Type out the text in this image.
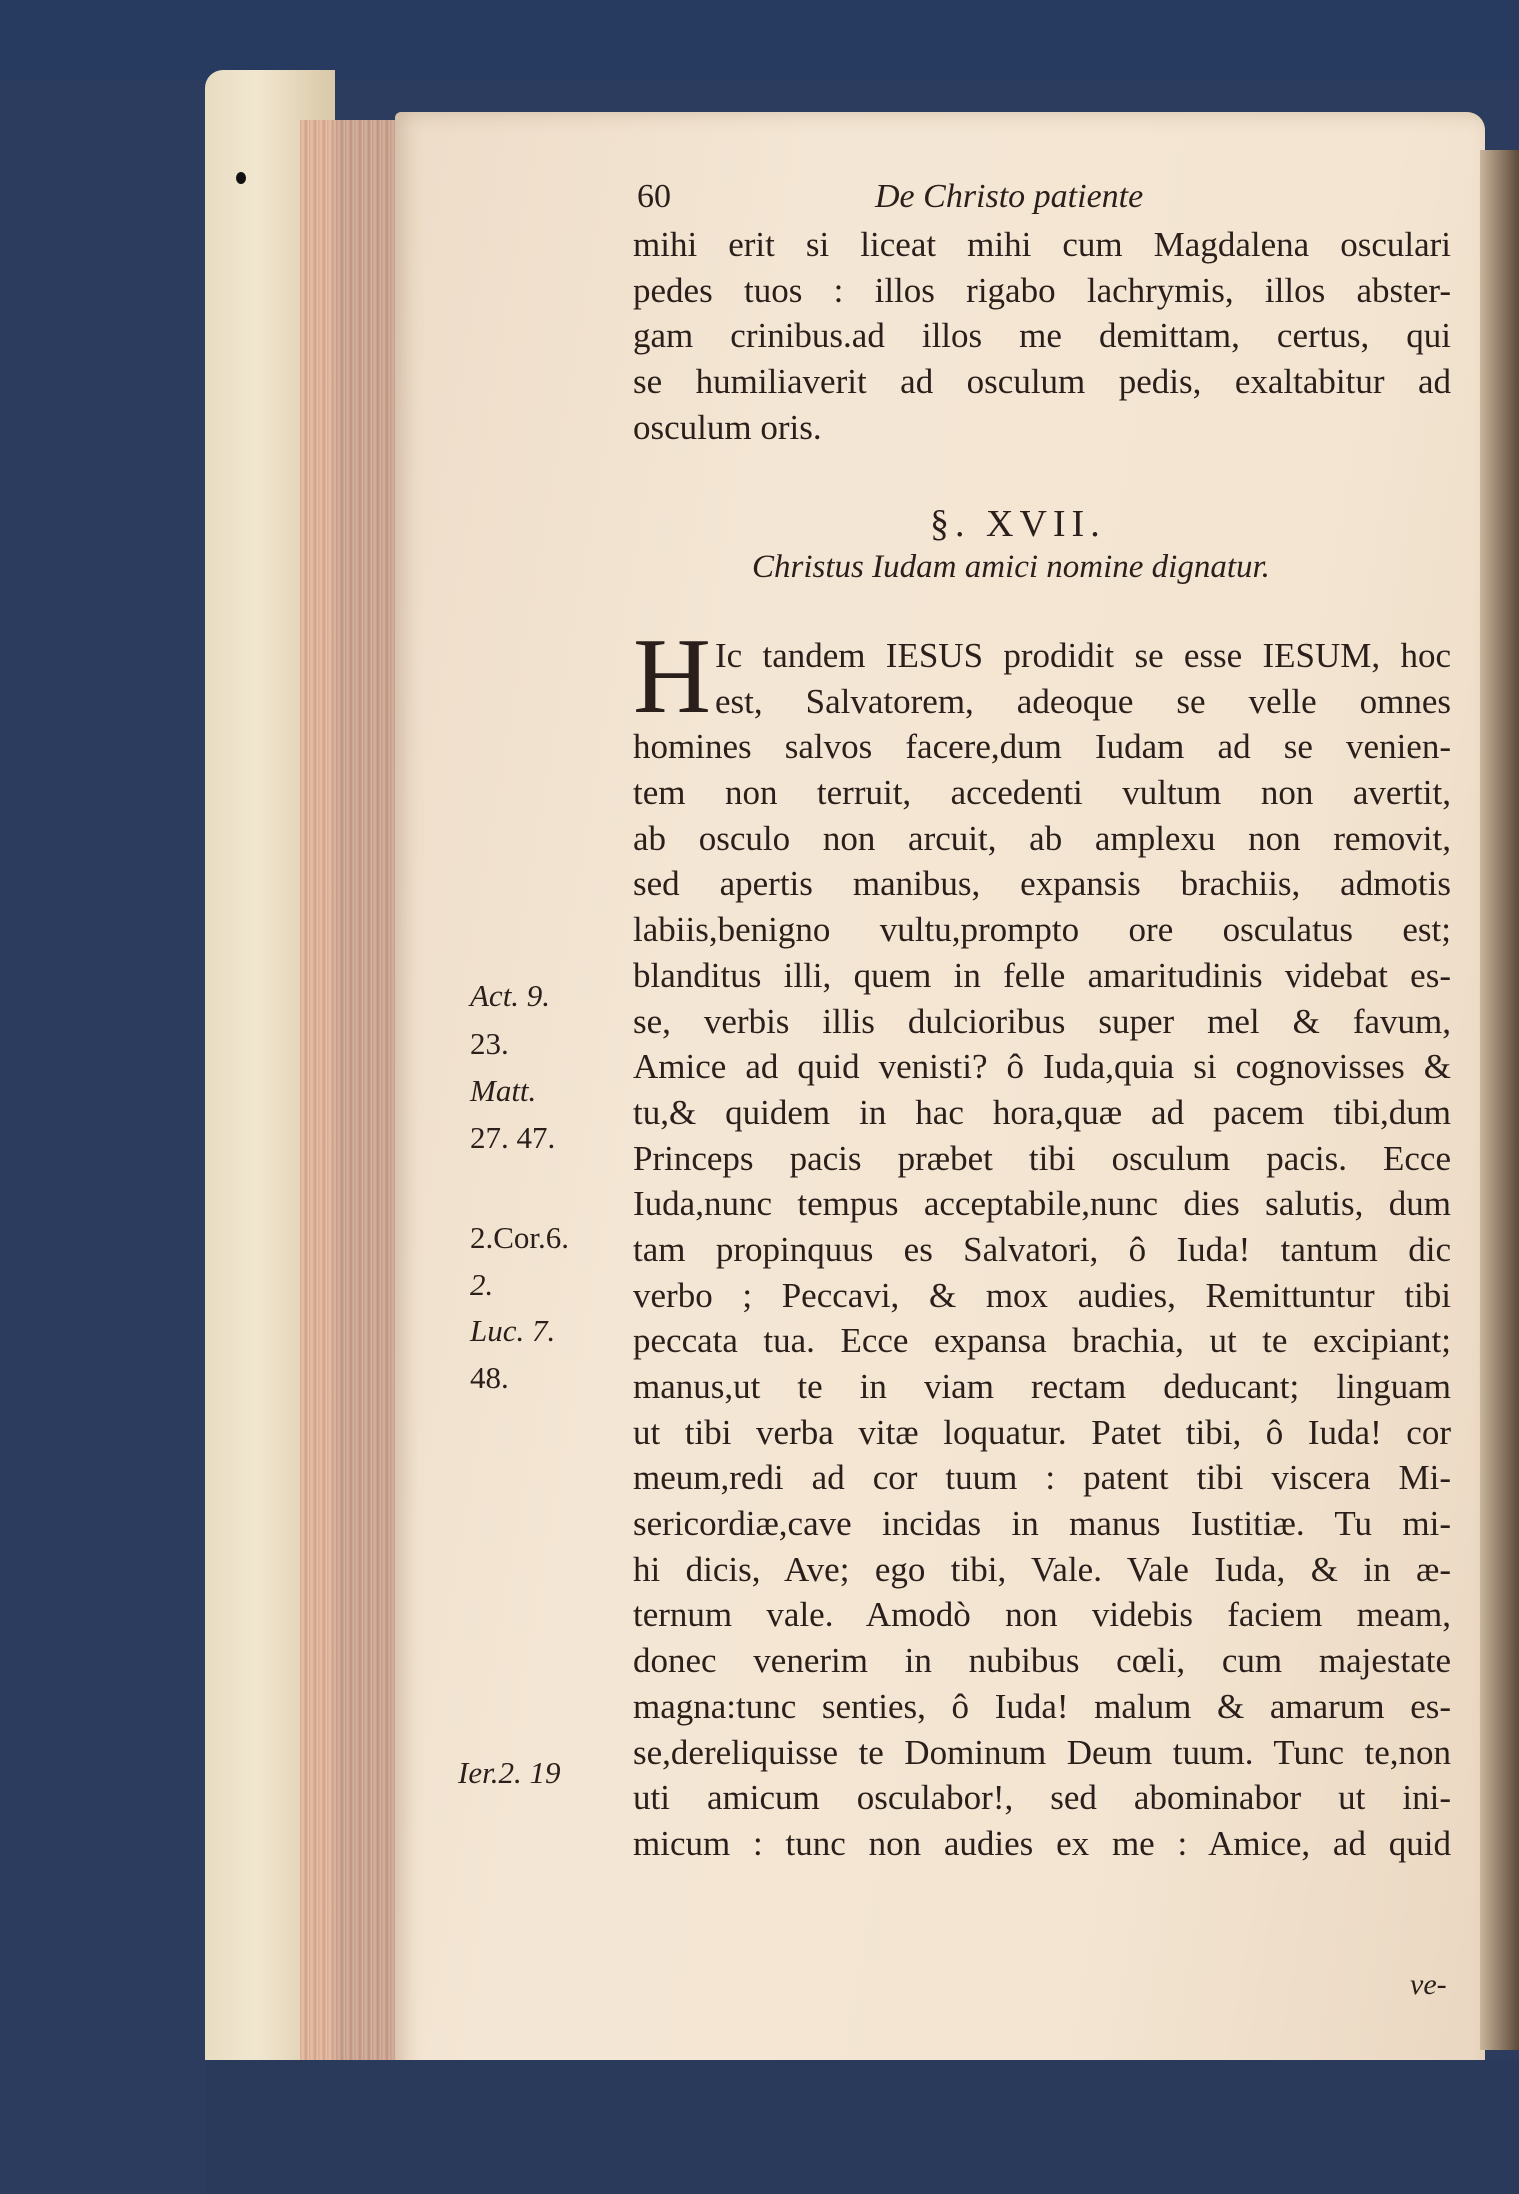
60	De Christo patiente
mihi erit si liceat mihi cum Magdalena osculari
pedes tuos : illos rigabo lachrymis, illos abster-
gam crinibus.ad illos me demittam, certus, qui
se humiliaverit ad osculum pedis, exaltabitur ad
osculum oris.
§. XVII.
Christus Iudam amici nomine dignatur.
H Ic tandem IESUS prodidit se esse IESUM, hoc
est, Salvatorem, adeoque se velle omnes
homines salvos facere,dum Iudam ad se venien-
tem non terruit, accedenti vultum non avertit,
ab osculo non arcuit, ab amplexu non removit,
sed apertis manibus, expansis brachiis, admotis
labiis,benigno vultu,prompto ore osculatus est;
blanditus illi, quem in felle amaritudinis videbat es-
se, verbis illis dulcioribus super mel & favum,
Amice ad quid venisti? ô Iuda,quia si cognovisses &
tu,& quidem in hac hora,quæ ad pacem tibi,dum
Princeps pacis præbet tibi osculum pacis. Ecce
Iuda,nunc tempus acceptabile,nunc dies salutis, dum
tam propinquus es Salvatori, ô Iuda! tantum dic
verbo ; Peccavi, & mox audies, Remittuntur tibi
peccata tua. Ecce expansa brachia, ut te excipiant;
manus,ut te in viam rectam deducant; linguam
ut tibi verba vitæ loquatur. Patet tibi, ô Iuda! cor
meum,redi ad cor tuum : patent tibi viscera Mi-
sericordiæ,cave incidas in manus Iustitiæ. Tu mi-
hi dicis, Ave; ego tibi, Vale. Vale Iuda, & in æ-
ternum vale. Amodò non videbis faciem meam,
donec venerim in nubibus cœli, cum majestate
magna:tunc senties, ô Iuda! malum & amarum es-
se,dereliquisse te Dominum Deum tuum. Tunc te,non
uti amicum osculabor!, sed abominabor ut ini-
micum : tunc non audies ex me : Amice, ad quid
ve-
Act. 9.
23.
Matt.
27. 47.
2.Cor.6.
2.
Luc. 7.
48.
Ier.2. 19
